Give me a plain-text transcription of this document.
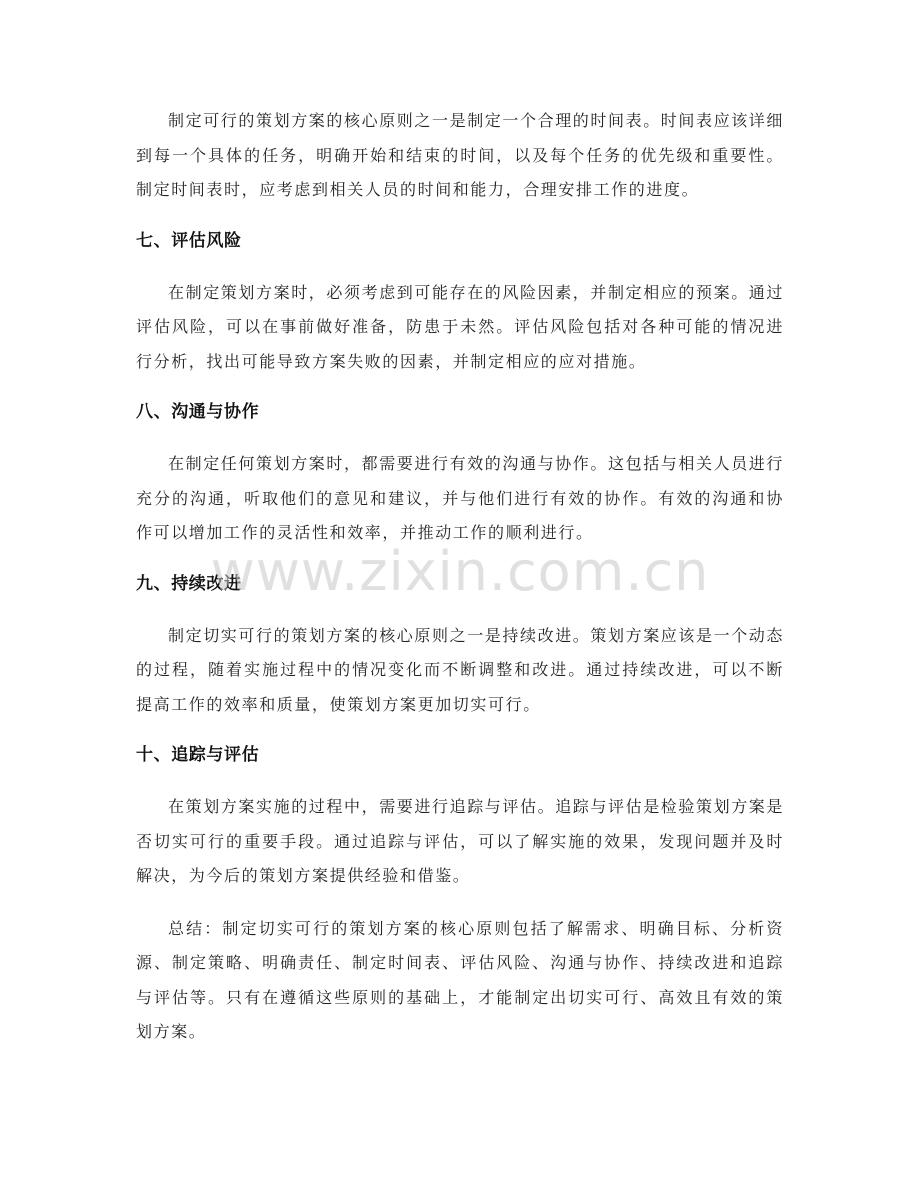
制定可行的策划方案的核心原则之一是制定一个合理的时间表。时间表应该详细到每一个具体的任务，明确开始和结束的时间，以及每个任务的优先级和重要性。制定时间表时，应考虑到相关人员的时间和能力，合理安排工作的进度。

七、评估风险

在制定策划方案时，必须考虑到可能存在的风险因素，并制定相应的预案。通过评估风险，可以在事前做好准备，防患于未然。评估风险包括对各种可能的情况进行分析，找出可能导致方案失败的因素，并制定相应的应对措施。

八、沟通与协作

在制定任何策划方案时，都需要进行有效的沟通与协作。这包括与相关人员进行充分的沟通，听取他们的意见和建议，并与他们进行有效的协作。有效的沟通和协作可以增加工作的灵活性和效率，并推动工作的顺利进行。

九、持续改进

制定切实可行的策划方案的核心原则之一是持续改进。策划方案应该是一个动态的过程，随着实施过程中的情况变化而不断调整和改进。通过持续改进，可以不断提高工作的效率和质量，使策划方案更加切实可行。

十、追踪与评估

在策划方案实施的过程中，需要进行追踪与评估。追踪与评估是检验策划方案是否切实可行的重要手段。通过追踪与评估，可以了解实施的效果，发现问题并及时解决，为今后的策划方案提供经验和借鉴。

总结：制定切实可行的策划方案的核心原则包括了解需求、明确目标、分析资源、制定策略、明确责任、制定时间表、评估风险、沟通与协作、持续改进和追踪与评估等。只有在遵循这些原则的基础上，才能制定出切实可行、高效且有效的策划方案。

www.zixin.com.cn
